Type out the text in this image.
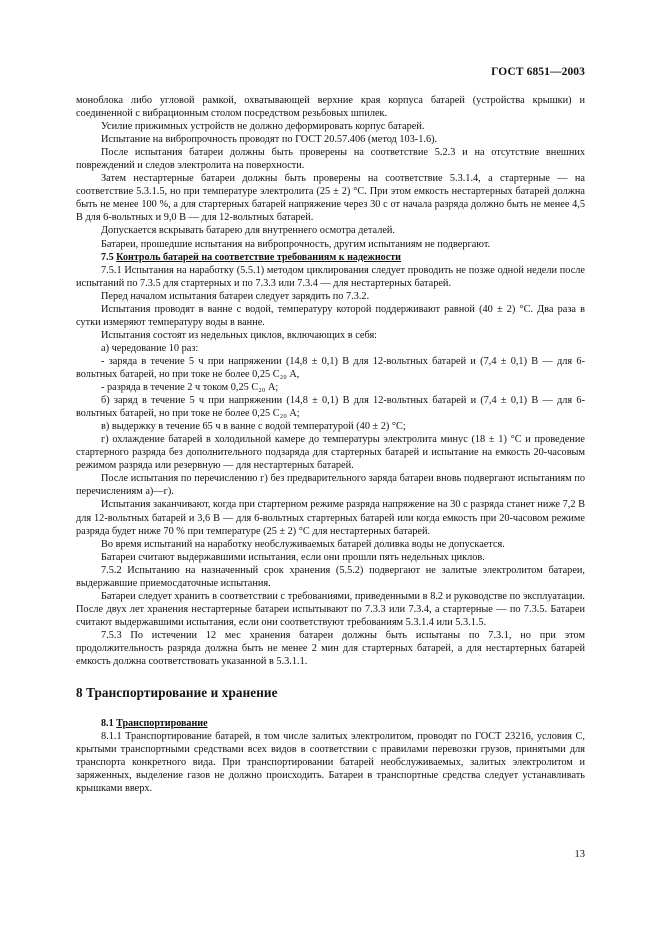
ГОСТ 6851—2003

моноблока либо угловой рамкой, охватывающей верхние края корпуса батарей (устройства крышки) и соединенной с вибрационным столом посредством резьбовых шпилек.

Усилие прижимных устройств не должно деформировать корпус батарей.

Испытание на вибропрочность проводят по ГОСТ 20.57.406 (метод 103-1.6).

После испытания батареи должны быть проверены на соответствие 5.2.3 и на отсутствие внешних повреждений и следов электролита на поверхности.

Затем нестартерные батареи должны быть проверены на соответствие 5.3.1.4, а стартерные — на соответствие 5.3.1.5, но при температуре электролита (25 ± 2) °С. При этом емкость нестартерных батарей должна быть не менее 100 %, а для стартерных батарей напряжение через 30 с от начала разряда должно быть не менее 4,5 В для 6-вольтных и 9,0 В — для 12-вольтных батарей.

Допускается вскрывать батарею для внутреннего осмотра деталей.

Батареи, прошедшие испытания на вибропрочность, другим испытаниям не подвергают.

7.5 Контроль батарей на соответствие требованиям к надежности

7.5.1 Испытания на наработку (5.5.1) методом циклирования следует проводить не позже одной недели после испытаний по 7.3.5 для стартерных и по 7.3.3 или 7.3.4 — для нестартерных батарей.

Перед началом испытания батареи следует зарядить по 7.3.2.

Испытания проводят в ванне с водой, температуру которой поддерживают равной (40 ± 2) °С. Два раза в сутки измеряют температуру воды в ванне.

Испытания состоят из недельных циклов, включающих в себя:

а) чередование 10 раз:

- заряда в течение 5 ч при напряжении (14,8 ± 0,1) В для 12-вольтных батарей и (7,4 ± 0,1) В — для 6-вольтных батарей, но при токе не более 0,25 С₂₀ А,

- разряда в течение 2 ч током 0,25 С₂₀ А;

б) заряд в течение 5 ч при напряжении (14,8 ± 0,1) В для 12-вольтных батарей и (7,4 ± 0,1) В — для 6-вольтных батарей, но при токе не более 0,25 С₂₀ А;

в) выдержку в течение 65 ч в ванне с водой температурой (40 ± 2) °С;

г) охлаждение батарей в холодильной камере до температуры электролита минус (18 ± 1) °С и проведение стартерного разряда без дополнительного подзаряда для стартерных батарей и испытание на емкость 20-часовым режимом разряда или резервную — для нестартерных батарей.

После испытания по перечислению г) без предварительного заряда батареи вновь подвергают испытаниям по перечислениям а)—г).

Испытания заканчивают, когда при стартерном режиме разряда напряжение на 30 с разряда станет ниже 7,2 В для 12-вольтных батарей и 3,6 В — для 6-вольтных стартерных батарей или когда емкость при 20-часовом режиме разряда будет ниже 70 % при температуре (25 ± 2) °С для нестартерных батарей.

Во время испытаний на наработку необслуживаемых батарей доливка воды не допускается.

Батареи считают выдержавшими испытания, если они прошли пять недельных циклов.

7.5.2 Испытанию на назначенный срок хранения (5.5.2) подвергают не залитые электролитом батареи, выдержавшие приемосдаточные испытания.

Батареи следует хранить в соответствии с требованиями, приведенными в 8.2 и руководстве по эксплуатации. После двух лет хранения нестартерные батареи испытывают по 7.3.3 или 7.3.4, а стартерные — по 7.3.5. Батареи считают выдержавшими испытания, если они соответствуют требованиям 5.3.1.4 или 5.3.1.5.

7.5.3 По истечении 12 мес хранения батареи должны быть испытаны по 7.3.1, но при этом продолжительность разряда должна быть не менее 2 мин для стартерных батарей, а для нестартерных батарей емкость должна соответствовать указанной в 5.3.1.1.

8 Транспортирование и хранение

8.1 Транспортирование

8.1.1 Транспортирование батарей, в том числе залитых электролитом, проводят по ГОСТ 23216, условия С, крытыми транспортными средствами всех видов в соответствии с правилами перевозки грузов, принятыми для транспорта конкретного вида. При транспортировании батарей необслуживаемых, залитых электролитом и заряженных, выделение газов не должно происходить. Батареи в транспортные средства следует устанавливать крышками вверх.

13
